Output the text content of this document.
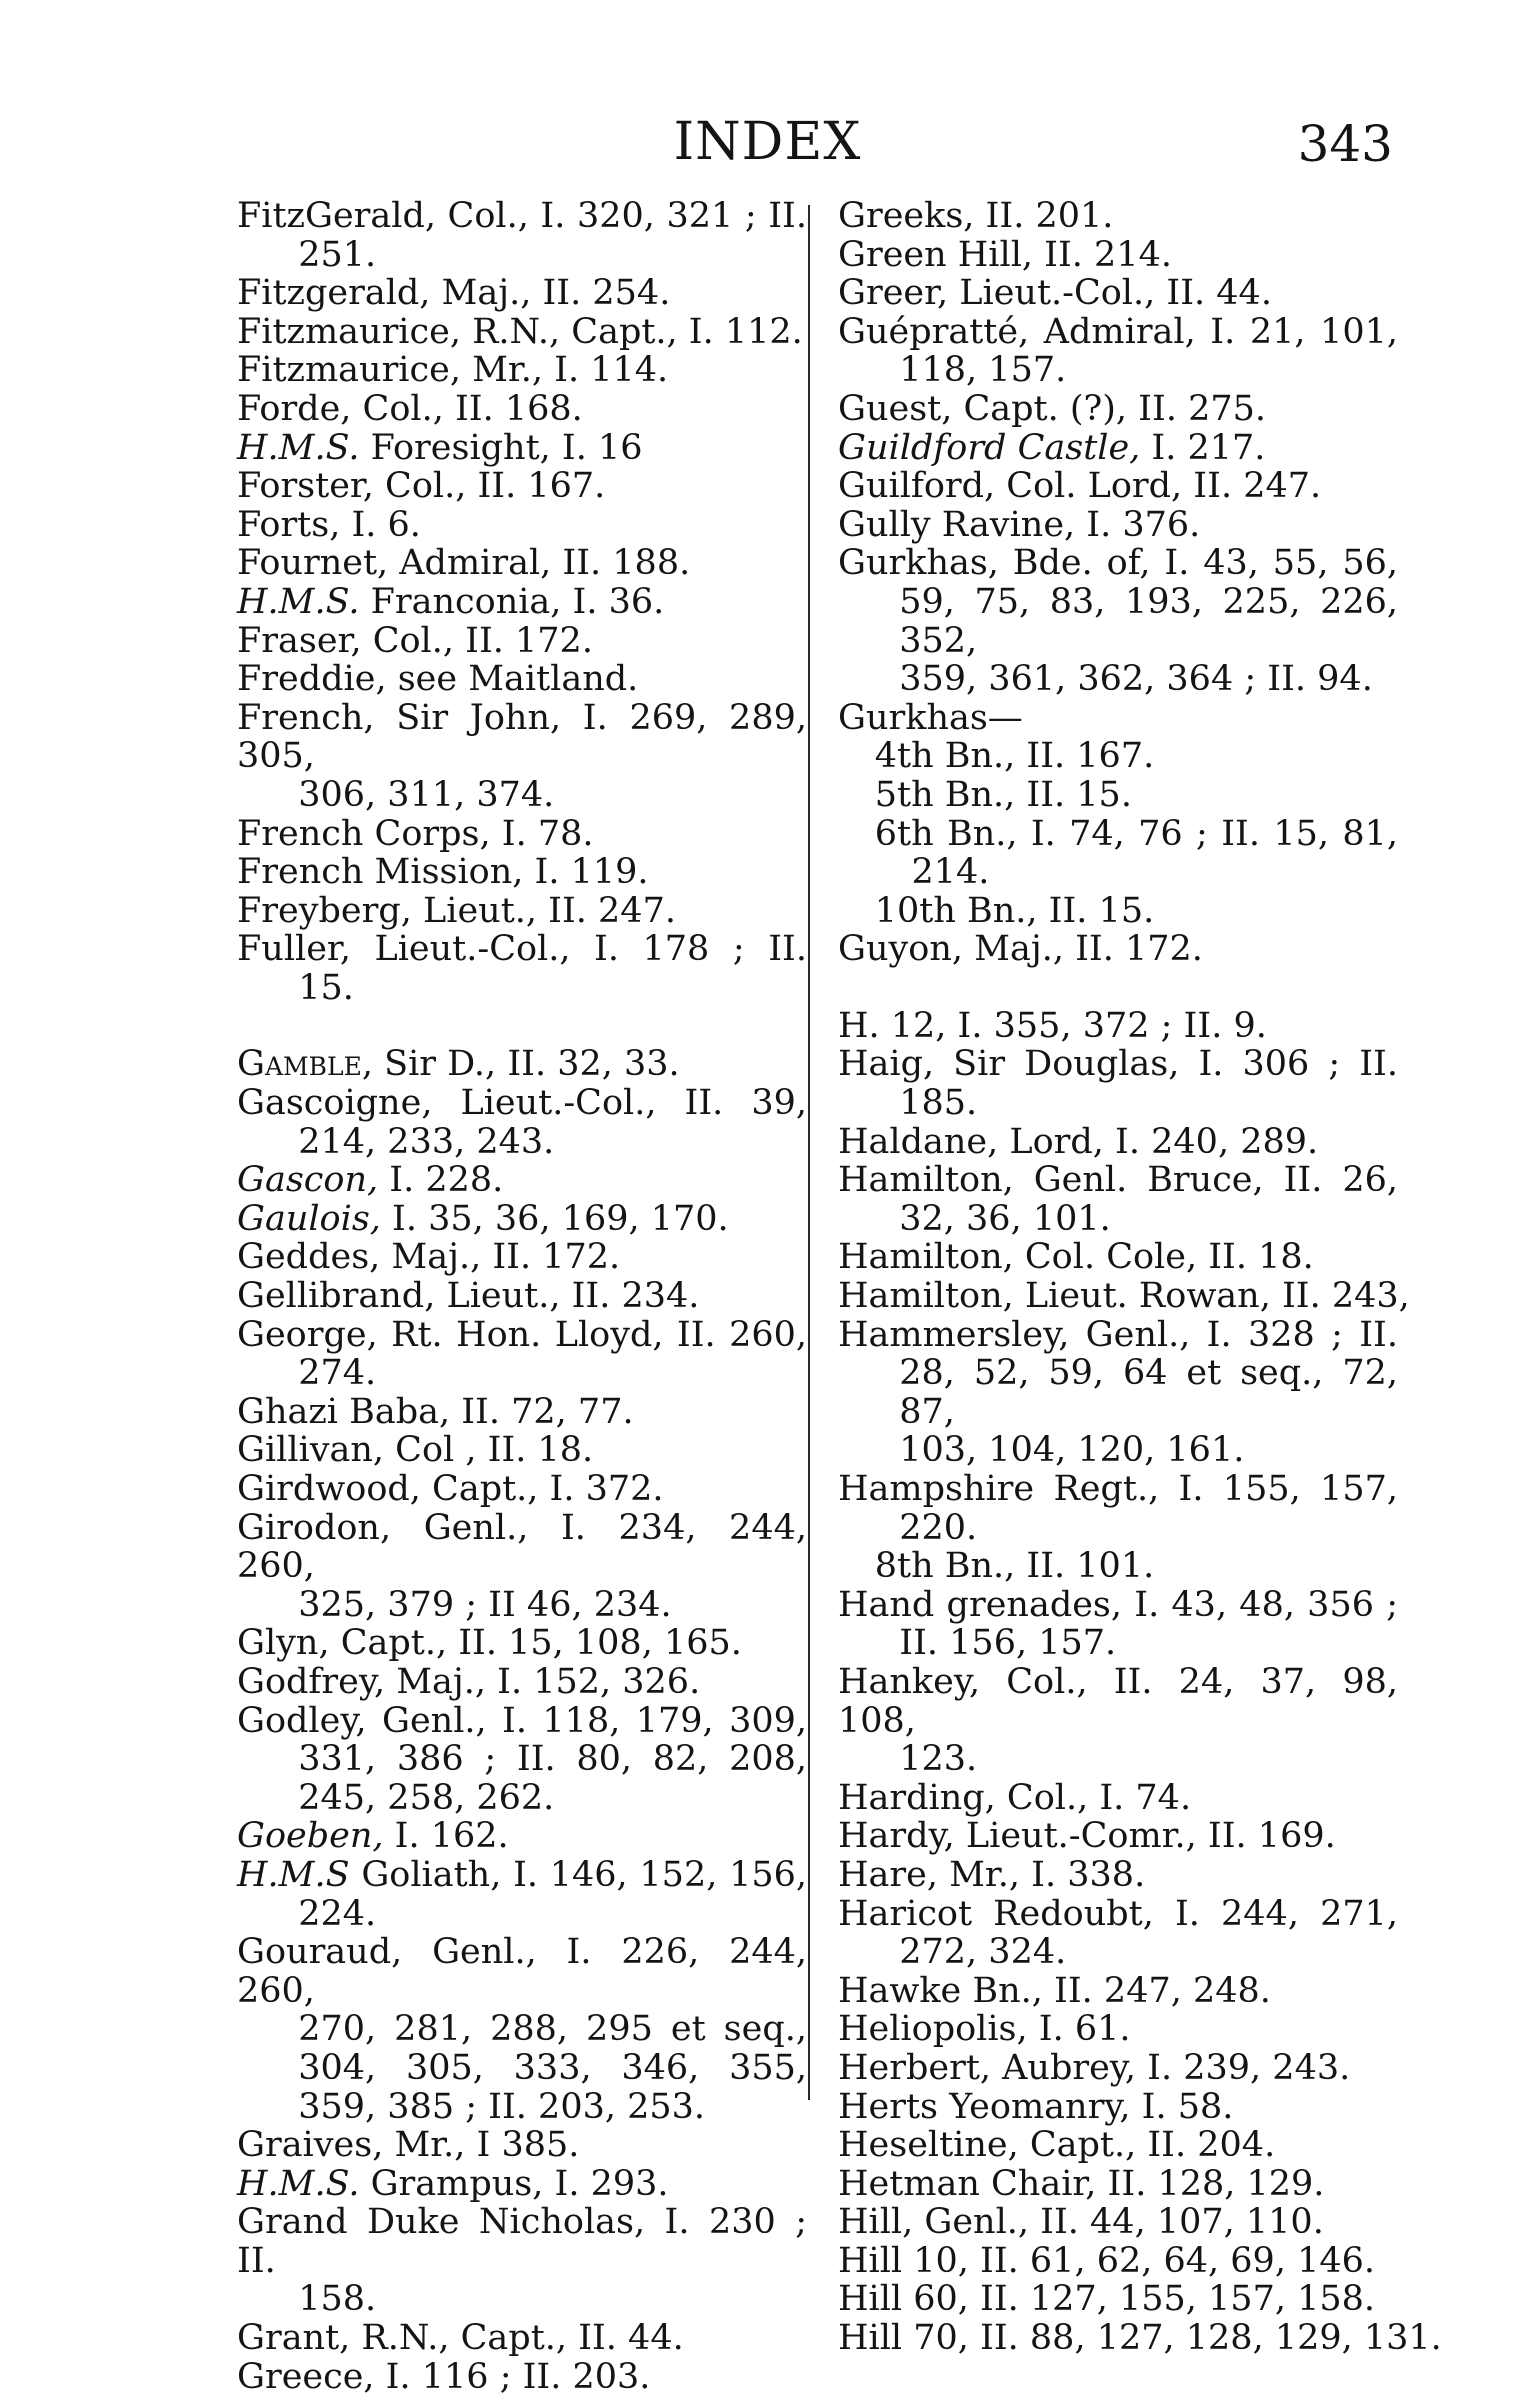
INDEX	343
FitzGerald, Col., I. 320, 321 ; II.
251.
Fitzgerald, Maj., II. 254.
Fitzmaurice, R.N., Capt., I. 112.
Fitzmaurice, Mr., I. 114.
Forde, Col., II. 168.
H.M.S. Foresight, I. 16
Forster, Col., II. 167.
Forts, I. 6.
Fournet, Admiral, II. 188.
H.M.S. Franconia, I. 36.
Fraser, Col., II. 172.
Freddie, see Maitland.
French, Sir John, I. 269, 289, 305,
306, 311, 374.
French Corps, I. 78.
French Mission, I. 119.
Freyberg, Lieut., II. 247.
Fuller, Lieut.-Col., I. 178 ; II.
15.
Gamble, Sir D., II. 32, 33.
Gascoigne, Lieut.-Col., II. 39,
214, 233, 243.
Gascon, I. 228.
Gaulois, I. 35, 36, 169, 170.
Geddes, Maj., II. 172.
Gellibrand, Lieut., II. 234.
George, Rt. Hon. Lloyd, II. 260,
274.
Ghazi Baba, II. 72, 77.
Gillivan, Col , II. 18.
Girdwood, Capt., I. 372.
Girodon, Genl., I. 234, 244, 260,
325, 379 ; II 46, 234.
Glyn, Capt., II. 15, 108, 165.
Godfrey, Maj., I. 152, 326.
Godley, Genl., I. 118, 179, 309,
331, 386 ; II. 80, 82, 208,
245, 258, 262.
Goeben, I. 162.
H.M.S Goliath, I. 146, 152, 156,
224.
Gouraud, Genl., I. 226, 244, 260,
270, 281, 288, 295 et seq.,
304, 305, 333, 346, 355,
359, 385 ; II. 203, 253.
Graives, Mr., I 385.
H.M.S. Grampus, I. 293.
Grand Duke Nicholas, I. 230 ; II.
158.
Grant, R.N., Capt., II. 44.
Greece, I. 116 ; II. 203.
Greeks, II. 201.
Green Hill, II. 214.
Greer, Lieut.-Col., II. 44.
Guépratté, Admiral, I. 21, 101,
118, 157.
Guest, Capt. (?), II. 275.
Guildford Castle, I. 217.
Guilford, Col. Lord, II. 247.
Gully Ravine, I. 376.
Gurkhas, Bde. of, I. 43, 55, 56,
59, 75, 83, 193, 225, 226, 352,
359, 361, 362, 364 ; II. 94.
Gurkhas—
4th Bn., II. 167.
5th Bn., II. 15.
6th Bn., I. 74, 76 ; II. 15, 81,
214.
10th Bn., II. 15.
Guyon, Maj., II. 172.
H. 12, I. 355, 372 ; II. 9.
Haig, Sir Douglas, I. 306 ; II.
185.
Haldane, Lord, I. 240, 289.
Hamilton, Genl. Bruce, II. 26,
32, 36, 101.
Hamilton, Col. Cole, II. 18.
Hamilton, Lieut. Rowan, II. 243,
Hammersley, Genl., I. 328 ; II.
28, 52, 59, 64 et seq., 72, 87,
103, 104, 120, 161.
Hampshire Regt., I. 155, 157,
220.
8th Bn., II. 101.
Hand grenades, I. 43, 48, 356 ;
II. 156, 157.
Hankey, Col., II. 24, 37, 98, 108,
123.
Harding, Col., I. 74.
Hardy, Lieut.-Comr., II. 169.
Hare, Mr., I. 338.
Haricot Redoubt, I. 244, 271,
272, 324.
Hawke Bn., II. 247, 248.
Heliopolis, I. 61.
Herbert, Aubrey, I. 239, 243.
Herts Yeomanry, I. 58.
Heseltine, Capt., II. 204.
Hetman Chair, II. 128, 129.
Hill, Genl., II. 44, 107, 110.
Hill 10, II. 61, 62, 64, 69, 146.
Hill 60, II. 127, 155, 157, 158.
Hill 70, II. 88, 127, 128, 129, 131.
